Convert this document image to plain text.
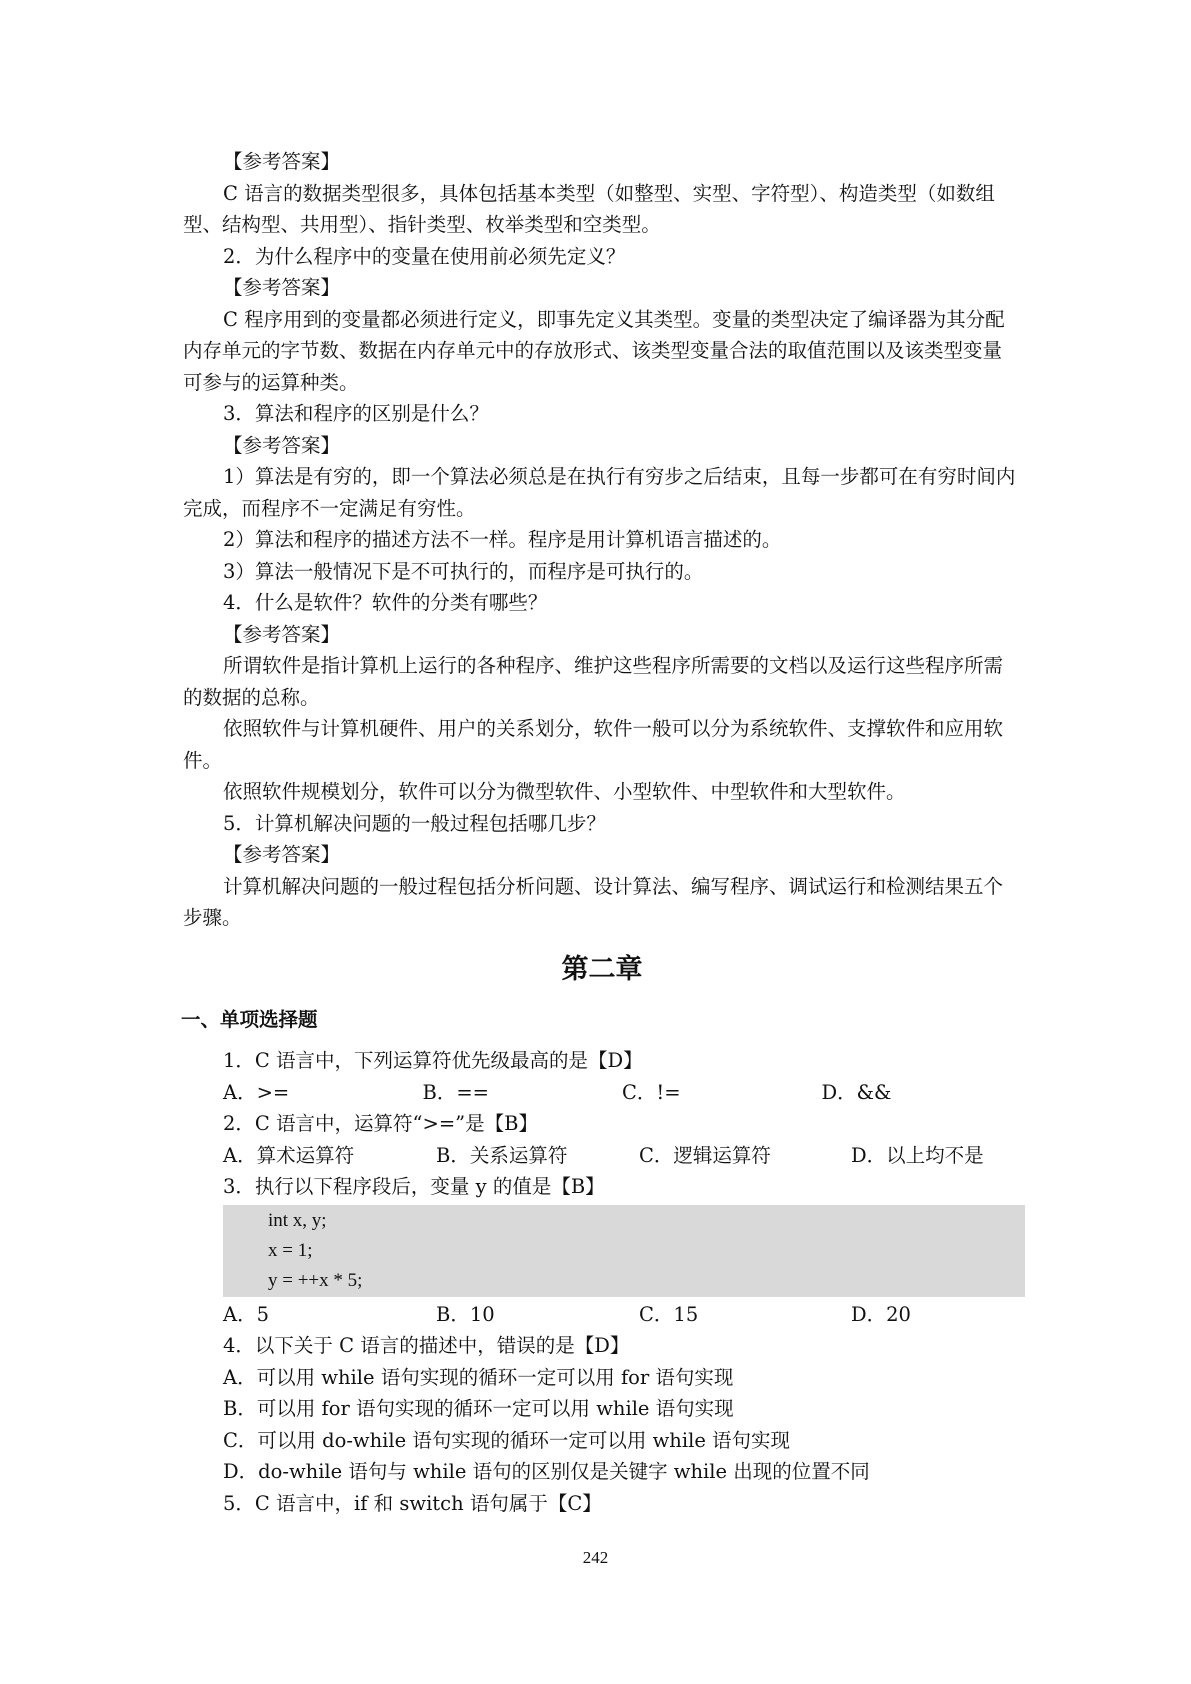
【参考答案】

C 语言的数据类型很多，具体包括基本类型（如整型、实型、字符型）、构造类型（如数组型、结构型、共用型）、指针类型、枚举类型和空类型。

2．为什么程序中的变量在使用前必须先定义？

【参考答案】

C 程序用到的变量都必须进行定义，即事先定义其类型。变量的类型决定了编译器为其分配内存单元的字节数、数据在内存单元中的存放形式、该类型变量合法的取值范围以及该类型变量可参与的运算种类。

3．算法和程序的区别是什么？

【参考答案】

1）算法是有穷的，即一个算法必须总是在执行有穷步之后结束，且每一步都可在有穷时间内完成，而程序不一定满足有穷性。

2）算法和程序的描述方法不一样。程序是用计算机语言描述的。

3）算法一般情况下是不可执行的，而程序是可执行的。

4．什么是软件？软件的分类有哪些？

【参考答案】

所谓软件是指计算机上运行的各种程序、维护这些程序所需要的文档以及运行这些程序所需的数据的总称。

依照软件与计算机硬件、用户的关系划分，软件一般可以分为系统软件、支撑软件和应用软件。

依照软件规模划分，软件可以分为微型软件、小型软件、中型软件和大型软件。

5．计算机解决问题的一般过程包括哪几步？

【参考答案】

计算机解决问题的一般过程包括分析问题、设计算法、编写程序、调试运行和检测结果五个步骤。

第二章
一、单项选择题

1．C 语言中，下列运算符优先级最高的是【D】

A．>=	B．==	C．!=	D．&&

2．C 语言中，运算符“>=”是【B】

A．算术运算符	B．关系运算符	C．逻辑运算符	D．以上均不是

3．执行以下程序段后，变量 y 的值是【B】

int x, y;
x = 1;
y = ++x * 5;
A．5	B．10	C．15	D．20

4．以下关于 C 语言的描述中，错误的是【D】

A．可以用 while 语句实现的循环一定可以用 for 语句实现
B．可以用 for 语句实现的循环一定可以用 while 语句实现
C．可以用 do-while 语句实现的循环一定可以用 while 语句实现
D．do-while 语句与 while 语句的区别仅是关键字 while 出现的位置不同

5．C 语言中，if 和 switch 语句属于【C】

242
